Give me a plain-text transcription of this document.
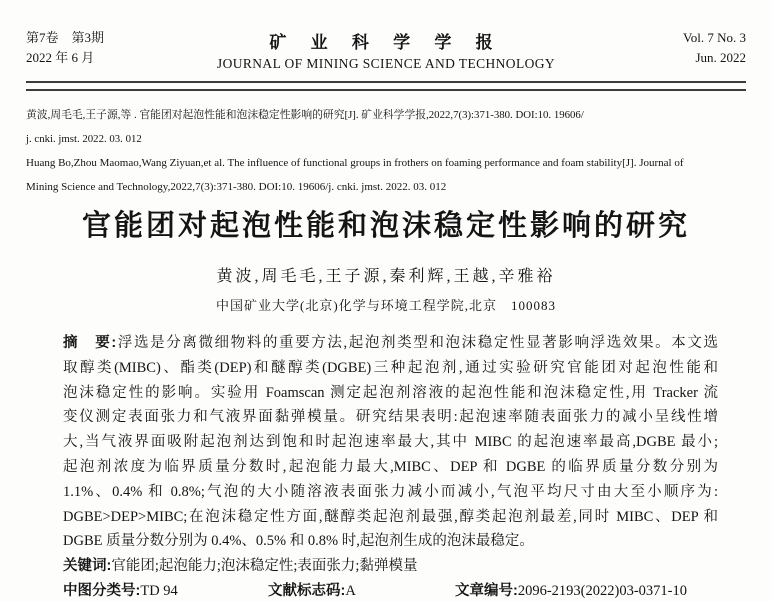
第7卷　第3期
2022 年 6 月
矿 业 科 学 学 报
JOURNAL OF MINING SCIENCE AND TECHNOLOGY
Vol. 7 No. 3
Jun. 2022
黄波,周毛毛,王子源,等 . 官能团对起泡性能和泡沫稳定性影响的研究[J]. 矿业科学学报,2022,7(3):371-380. DOI:10. 19606/
j. cnki. jmst. 2022. 03. 012
Huang Bo,Zhou Maomao,Wang Ziyuan,et al. The influence of functional groups in frothers on foaming performance and foam stability[J]. Journal of
Mining Science and Technology,2022,7(3):371-380. DOI:10. 19606/j. cnki. jmst. 2022. 03. 012
官能团对起泡性能和泡沫稳定性影响的研究
黄波,周毛毛,王子源,秦利辉,王越,辛雅裕
中国矿业大学(北京)化学与环境工程学院,北京　100083
摘　要:浮选是分离微细物料的重要方法,起泡剂类型和泡沫稳定性显著影响浮选效果。本文选
取醇类(MIBC)、酯类(DEP)和醚醇类(DGBE)三种起泡剂,通过实验研究官能团对起泡性能和
泡沫稳定性的影响。实验用 Foamscan 测定起泡剂溶液的起泡性能和泡沫稳定性,用 Tracker 流
变仪测定表面张力和气液界面黏弹模量。研究结果表明:起泡速率随表面张力的减小呈线性增
大,当气液界面吸附起泡剂达到饱和时起泡速率最大,其中 MIBC 的起泡速率最高,DGBE 最小;
起泡剂浓度为临界质量分数时,起泡能力最大,MIBC、DEP 和 DGBE 的临界质量分数分别为
1.1%、0.4% 和 0.8%;气泡的大小随溶液表面张力减小而减小,气泡平均尺寸由大至小顺序为:
DGBE>DEP>MIBC;在泡沫稳定性方面,醚醇类起泡剂最强,醇类起泡剂最差,同时 MIBC、DEP 和
DGBE 质量分数分别为 0.4%、0.5% 和 0.8% 时,起泡剂生成的泡沫最稳定。
关键词:官能团;起泡能力;泡沫稳定性;表面张力;黏弹模量
中图分类号:TD 94	文献标志码:A	文章编号:2096-2193(2022)03-0371-10
